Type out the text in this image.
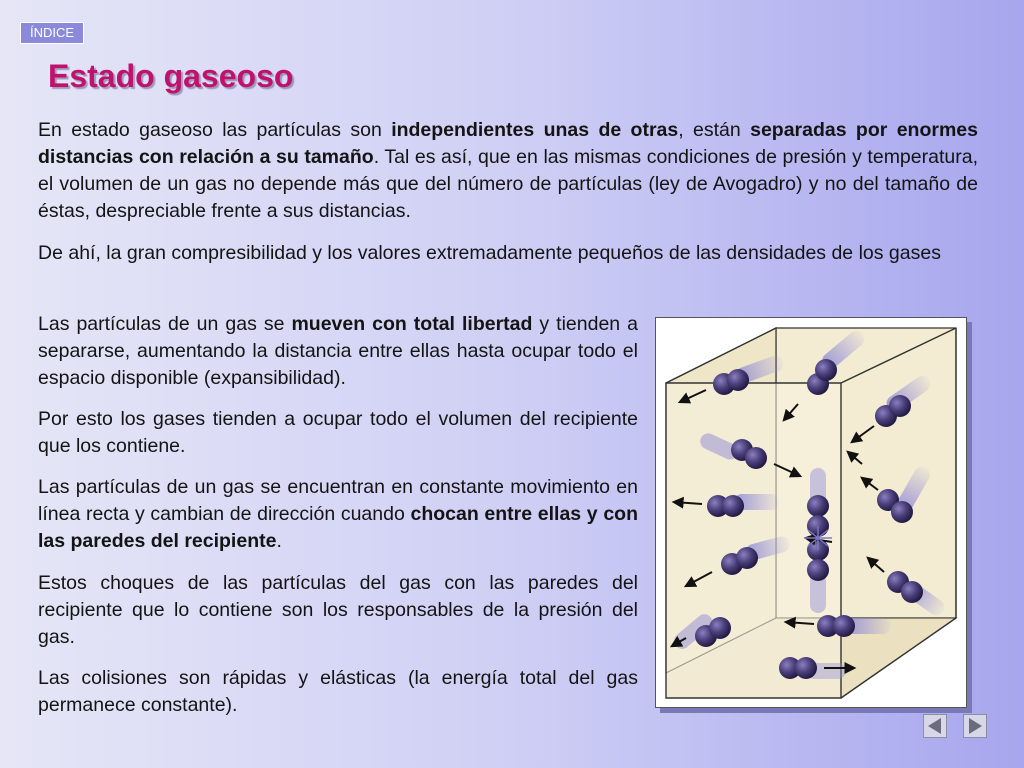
ÍNDICE
Estado gaseoso

En estado gaseoso las partículas son independientes unas de otras, están separadas por enormes distancias con relación a su tamaño. Tal es así, que en las mismas condiciones de presión y temperatura, el volumen de un gas no depende más que del número de partículas (ley de Avogadro) y no del tamaño de éstas, despreciable frente a sus distancias.

De ahí, la gran compresibilidad y los valores extremadamente pequeños de las densidades de los gases

Las partículas de un gas se mueven con total libertad y tienden a separarse, aumentando la distancia entre ellas hasta ocupar todo el espacio disponible (expansibilidad).

Por esto los gases tienden a ocupar todo el volumen del recipiente que los contiene.

Las partículas de un gas se encuentran en constante movimiento en línea recta y cambian de dirección cuando chocan entre ellas y con las paredes del recipiente.

Estos choques de las partículas del gas con las paredes del recipiente que lo contiene son los responsables de la presión del gas.

Las colisiones son rápidas y elásticas (la energía total del gas permanece constante).
